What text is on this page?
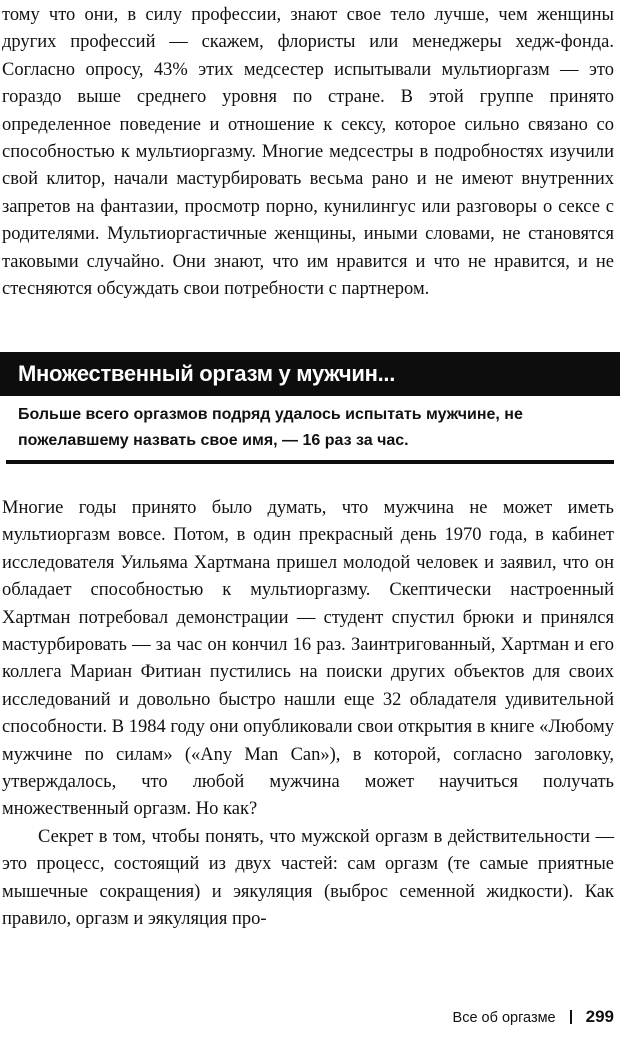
тому что они, в силу профессии, знают свое тело лучше, чем женщины других профессий — скажем, флористы или менеджеры хедж-фонда. Согласно опросу, 43% этих медсестер испытывали мультиоргазм — это гораздо выше среднего уровня по стране. В этой группе принято определенное поведение и отношение к сексу, которое сильно связано со способностью к мультиоргазму. Многие медсестры в подробностях изучили свой клитор, начали мастурбировать весьма рано и не имеют внутренних запретов на фантазии, просмотр порно, кунилингус или разговоры о сексе с родителями. Мультиоргастичные женщины, иными словами, не становятся таковыми случайно. Они знают, что им нравится и что не нравится, и не стесняются обсуждать свои потребности с партнером.

Множественный оргазм у мужчин...
Больше всего оргазмов подряд удалось испытать мужчине, не пожелавшему назвать свое имя, — 16 раз за час.

Многие годы принято было думать, что мужчина не может иметь мультиоргазм вовсе. Потом, в один прекрасный день 1970 года, в кабинет исследователя Уильяма Хартмана пришел молодой человек и заявил, что он обладает способностью к мультиоргазму. Скептически настроенный Хартман потребовал демонстрации — студент спустил брюки и принялся мастурбировать — за час он кончил 16 раз. Заинтригованный, Хартман и его коллега Мариан Фитиан пустились на поиски других объектов для своих исследований и довольно быстро нашли еще 32 обладателя удивительной способности. В 1984 году они опубликовали свои открытия в книге «Любому мужчине по силам» («Any Man Can»), в которой, согласно заголовку, утверждалось, что любой мужчина может научиться получать множественный оргазм. Но как?

Секрет в том, чтобы понять, что мужской оргазм в действительности — это процесс, состоящий из двух частей: сам оргазм (те самые приятные мышечные сокращения) и эякуляция (выброс семенной жидкости). Как правило, оргазм и эякуляция про-

Все об оргазме 299
